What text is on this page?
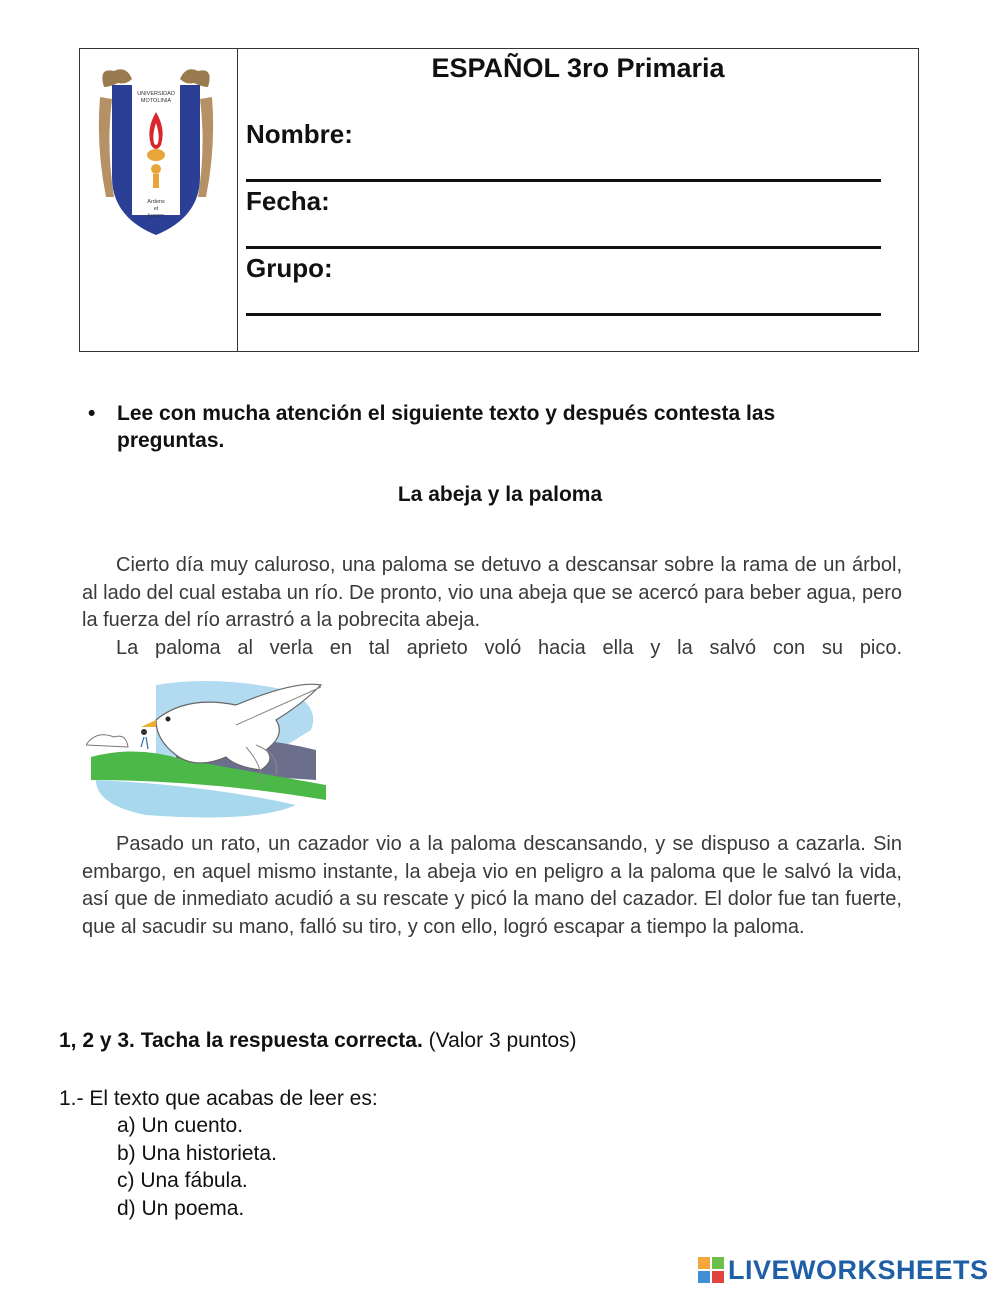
UNIVERSIDAD
MOTOLINIA
Ardens
et
lucens
ESPAÑOL 3ro Primaria
Nombre:
Fecha:
Grupo:
• Lee con mucha atención el siguiente texto y después contesta las preguntas.
La abeja y la paloma

Cierto día muy caluroso, una paloma se detuvo a descansar sobre la rama de un árbol, al lado del cual estaba un río. De pronto, vio una abeja que se acercó para beber agua, pero la fuerza del río arrastró a la pobrecita abeja.

La paloma al verla en tal aprieto voló hacia ella y la salvó con su pico.

Pasado un rato, un cazador vio a la paloma descansando, y se dispuso a cazarla. Sin embargo, en aquel mismo instante, la abeja vio en peligro a la paloma que le salvó la vida, así que de inmediato acudió a su rescate y picó la mano del cazador. El dolor fue tan fuerte, que al sacudir su mano, falló su tiro, y con ello, logró escapar a tiempo la paloma.

1, 2 y 3. Tacha la respuesta correcta. (Valor 3 puntos)
1.- El texto que acabas de leer es:
a) Un cuento.
b) Una historieta.
c) Una fábula.
d) Un poema.
LIVEWORKSHEETS
